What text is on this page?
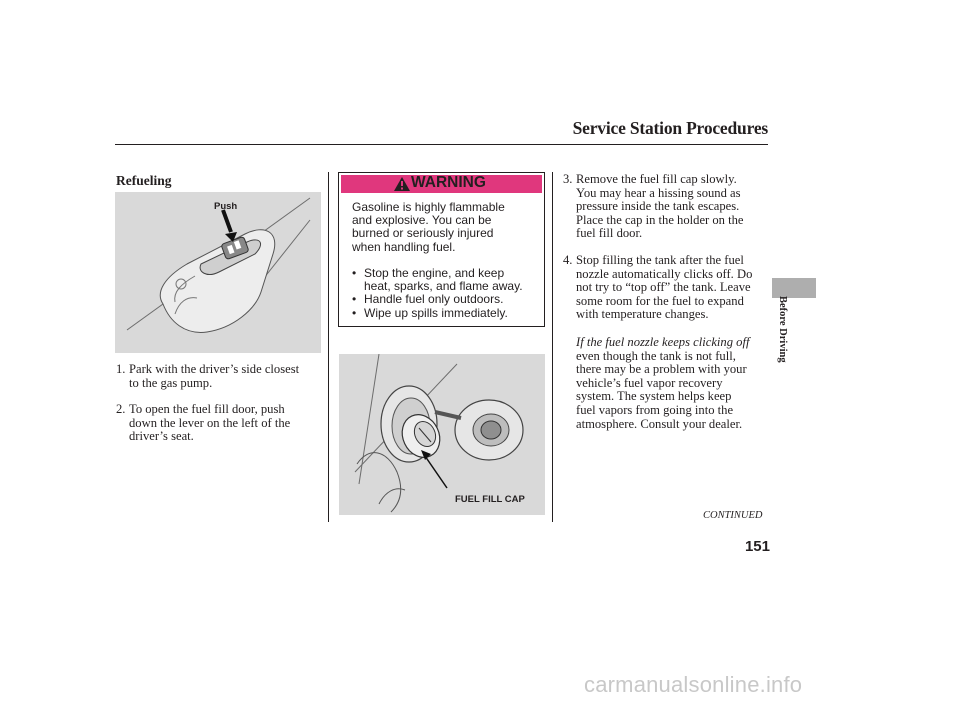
Service Station Procedures
Before Driving
Refueling
Push
1. Park with the driver’s side closest
to the gas pump.
2. To open the fuel fill door, push
down the lever on the left of the
driver’s seat.
WARNING
Gasoline is highly flammable
and explosive. You can be
burned or seriously injured
when handling fuel.
• Stop the engine, and keep
heat, sparks, and flame away.
• Handle fuel only outdoors.
• Wipe up spills immediately.
FUEL FILL CAP
3. Remove the fuel fill cap slowly.
You may hear a hissing sound as
pressure inside the tank escapes.
Place the cap in the holder on the
fuel fill door.
4. Stop filling the tank after the fuel
nozzle automatically clicks off. Do
not try to “top off” the tank. Leave
some room for the fuel to expand
with temperature changes.
If the fuel nozzle keeps clicking off
even though the tank is not full,
there may be a problem with your
vehicle’s fuel vapor recovery
system. The system helps keep
fuel vapors from going into the
atmosphere. Consult your dealer.
CONTINUED
151
carmanualsonline.info
